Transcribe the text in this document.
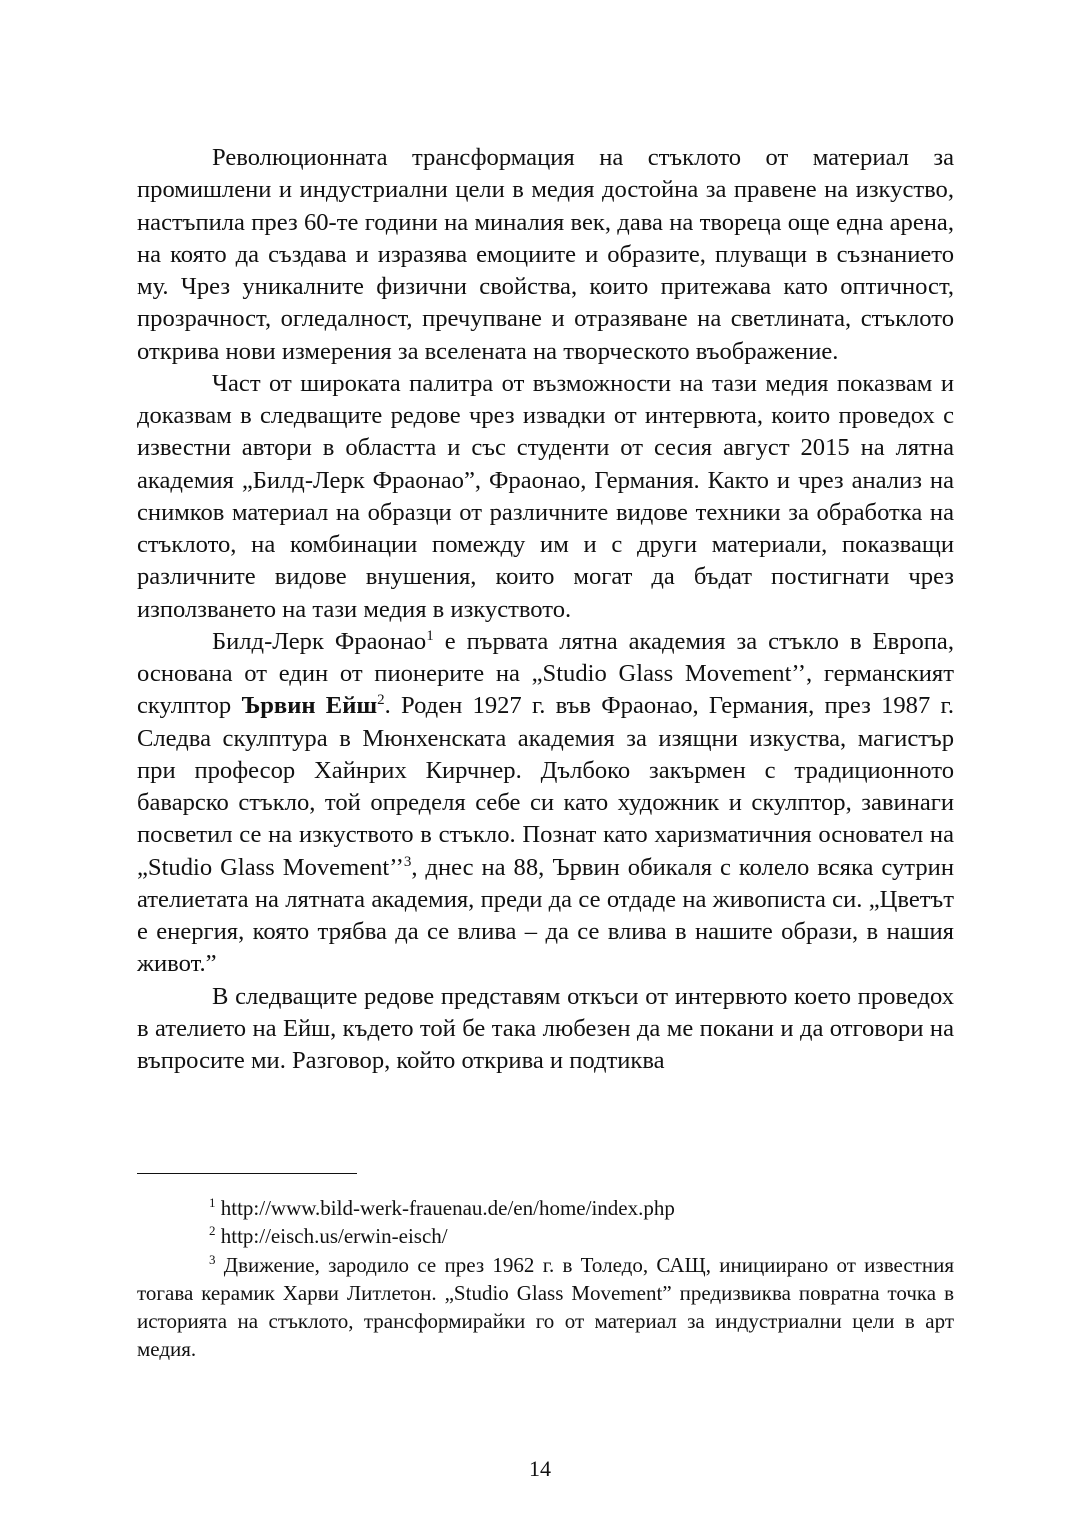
Революционната трансформация на стъклото от материал за промишлени и индустриални цели в медия достойна за правене на изкуство, настъпила през 60-те години на миналия век, дава на твореца още една арена, на която да създава и изразява емоциите и образите, плуващи в съзнанието му. Чрез уникалните физични свойства, които притежава като оптичност, прозрачност, огледалност, пречупване и отразяване на светлината, стъклото открива нови измерения за вселената на творческото въображение.

Част от широката палитра от възможности на тази медия показвам и доказвам в следващите редове чрез извадки от интервюта, които проведох с известни автори в областта и със студенти от сесия август 2015 на лятна академия „Билд-Лерк Фраонао”, Фраонао, Германия. Както и чрез анализ на снимков материал на образци от различните видове техники за обработка на стъклото, на комбинации помежду им и с други материали, показващи различните видове внушения, които могат да бъдат постигнати чрез използването на тази медия в изкуството.

Билд-Лерк Фраонао$^1$ е първата лятна академия за стъкло в Европа, основана от един от пионерите на „Studio Glass Movement’’, германският скулптор Ървин Ейш$^2$. Роден 1927 г. във Фраонао, Германия, през 1987 г. Следва скулптура в Мюнхенската академия за изящни изкуства, магистър при професор Хайнрих Кирчнер. Дълбоко закърмен с традиционното баварско стъкло, той определя себе си като художник и скулптор, завинаги посветил се на изкуството в стъкло. Познат като харизматичния основател на „Studio Glass Movement’’$^3$, днес на 88, Ървин обикаля с колело всяка сутрин ателиетата на лятната академия, преди да се отдаде на живописта си. „Цветът е енергия, която трябва да се влива – да се влива в нашите образи, в нашия живот.”

В следващите редове представям откъси от интервюто което проведох в ателието на Ейш, където той бе така любезен да ме покани и да отговори на въпросите ми. Разговор, който открива и подтиква

$^1$ http://www.bild-werk-frauenau.de/en/home/index.php

$^2$ http://eisch.us/erwin-eisch/

$^3$ Движение, зародило се през 1962 г. в Толедо, САЩ, инициирано от известния тогава керамик Харви Литлетон. „Studio Glass Movement” предизвиква повратна точка в историята на стъклото, трансформирайки го от материал за индустриални цели в арт медия.

14
